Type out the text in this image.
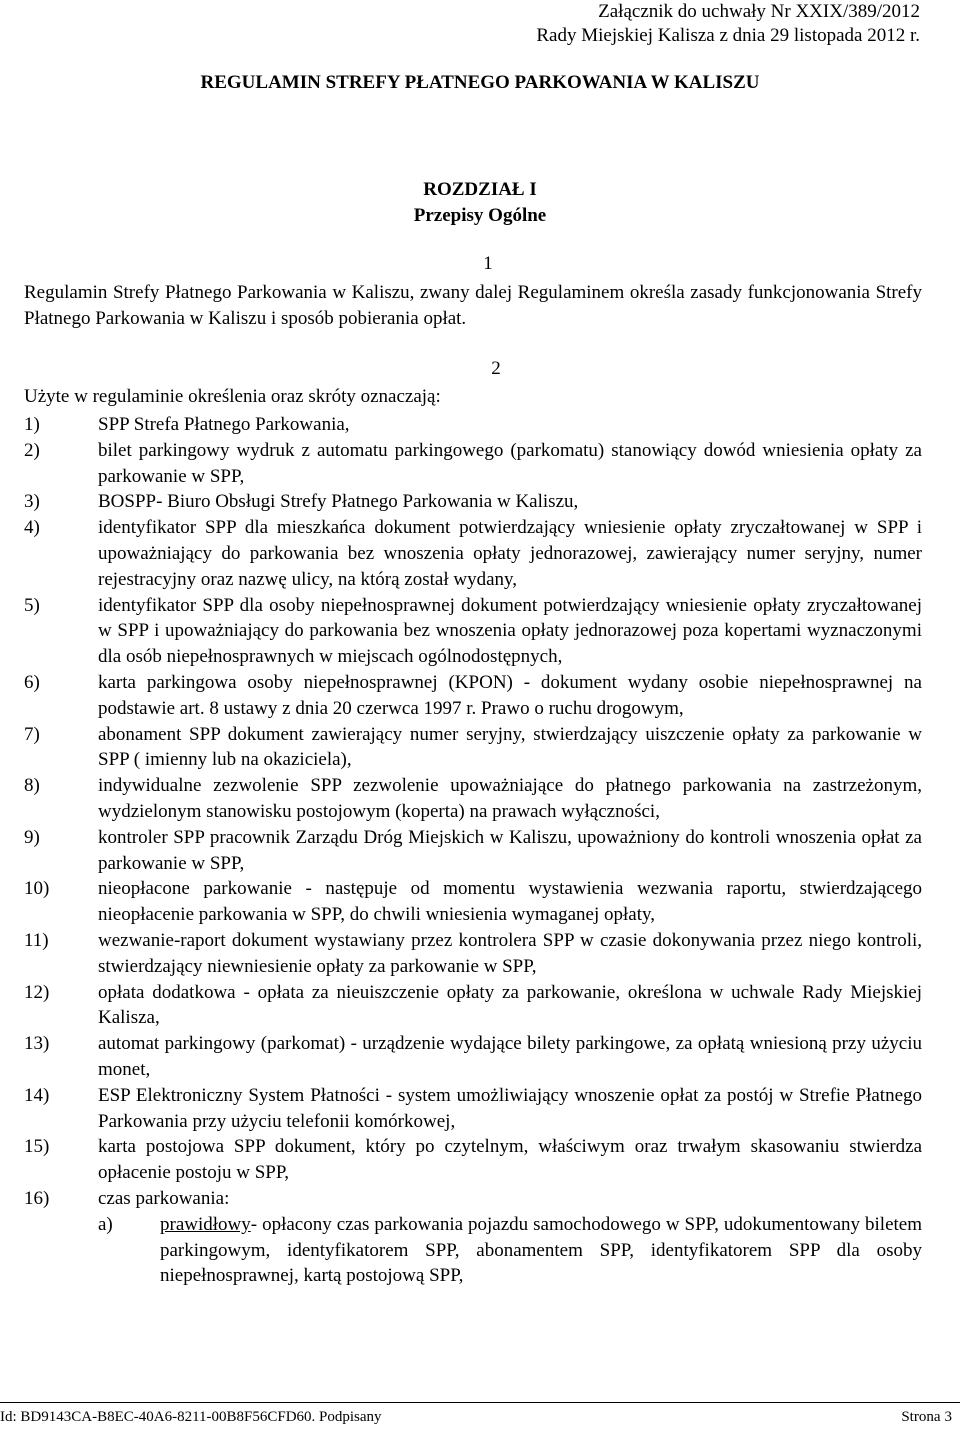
Załącznik do uchwały Nr XXIX/389/2012
Rady Miejskiej Kalisza z dnia 29 listopada 2012 r.
REGULAMIN STREFY PŁATNEGO PARKOWANIA W KALISZU
ROZDZIAŁ I
Przepisy Ogólne
1
Regulamin Strefy Płatnego Parkowania w Kaliszu, zwany dalej Regulaminem określa zasady funkcjonowania Strefy Płatnego Parkowania w Kaliszu i sposób pobierania opłat.
2
Użyte w regulaminie określenia oraz skróty oznaczają:
1)	SPP Strefa Płatnego Parkowania,
2)	bilet parkingowy wydruk z automatu parkingowego (parkomatu) stanowiący dowód wniesienia opłaty za parkowanie w SPP,
3)	BOSPP- Biuro Obsługi Strefy Płatnego Parkowania w Kaliszu,
4)	identyfikator SPP dla mieszkańca dokument potwierdzający wniesienie opłaty zryczałtowanej w SPP i upoważniający do parkowania bez wnoszenia opłaty jednorazowej, zawierający numer seryjny, numer rejestracyjny oraz nazwę ulicy, na którą został wydany,
5)	identyfikator SPP dla osoby niepełnosprawnej dokument potwierdzający wniesienie opłaty zryczałtowanej w SPP i upoważniający do parkowania bez wnoszenia opłaty jednorazowej poza kopertami wyznaczonymi dla osób niepełnosprawnych w miejscach ogólnodostępnych,
6)	karta parkingowa osoby niepełnosprawnej (KPON) - dokument wydany osobie niepełnosprawnej na podstawie art. 8 ustawy z dnia 20 czerwca 1997 r. Prawo o ruchu drogowym,
7)	abonament SPP dokument zawierający numer seryjny, stwierdzający uiszczenie opłaty za parkowanie w SPP ( imienny lub na okaziciela),
8)	indywidualne zezwolenie SPP zezwolenie upoważniające do płatnego parkowania na zastrzeżonym, wydzielonym stanowisku postojowym (koperta) na prawach wyłączności,
9)	kontroler SPP pracownik Zarządu Dróg Miejskich w Kaliszu, upoważniony do kontroli wnoszenia opłat za parkowanie w SPP,
10)	nieopłacone parkowanie - następuje od momentu wystawienia wezwania raportu, stwierdzającego nieopłacenie parkowania w SPP, do chwili wniesienia wymaganej opłaty,
11)	wezwanie-raport dokument wystawiany przez kontrolera SPP w czasie dokonywania przez niego kontroli, stwierdzający niewniesienie opłaty za parkowanie w SPP,
12)	opłata dodatkowa - opłata za nieuiszczenie opłaty za parkowanie, określona w uchwale Rady Miejskiej Kalisza,
13)	automat parkingowy (parkomat) - urządzenie wydające bilety parkingowe, za opłatą wniesioną przy użyciu monet,
14)	ESP Elektroniczny System Płatności - system umożliwiający wnoszenie opłat za postój w Strefie Płatnego Parkowania przy użyciu telefonii komórkowej,
15)	karta postojowa SPP dokument, który po czytelnym, właściwym oraz trwałym skasowaniu stwierdza opłacenie postoju w SPP,
16)	czas parkowania:
a)	prawidłowy- opłacony czas parkowania pojazdu samochodowego w SPP, udokumentowany biletem parkingowym, identyfikatorem SPP, abonamentem SPP, identyfikatorem SPP dla osoby niepełnosprawnej, kartą postojową SPP,
Id: BD9143CA-B8EC-40A6-8211-00B8F56CFD60. Podpisany	Strona 3
